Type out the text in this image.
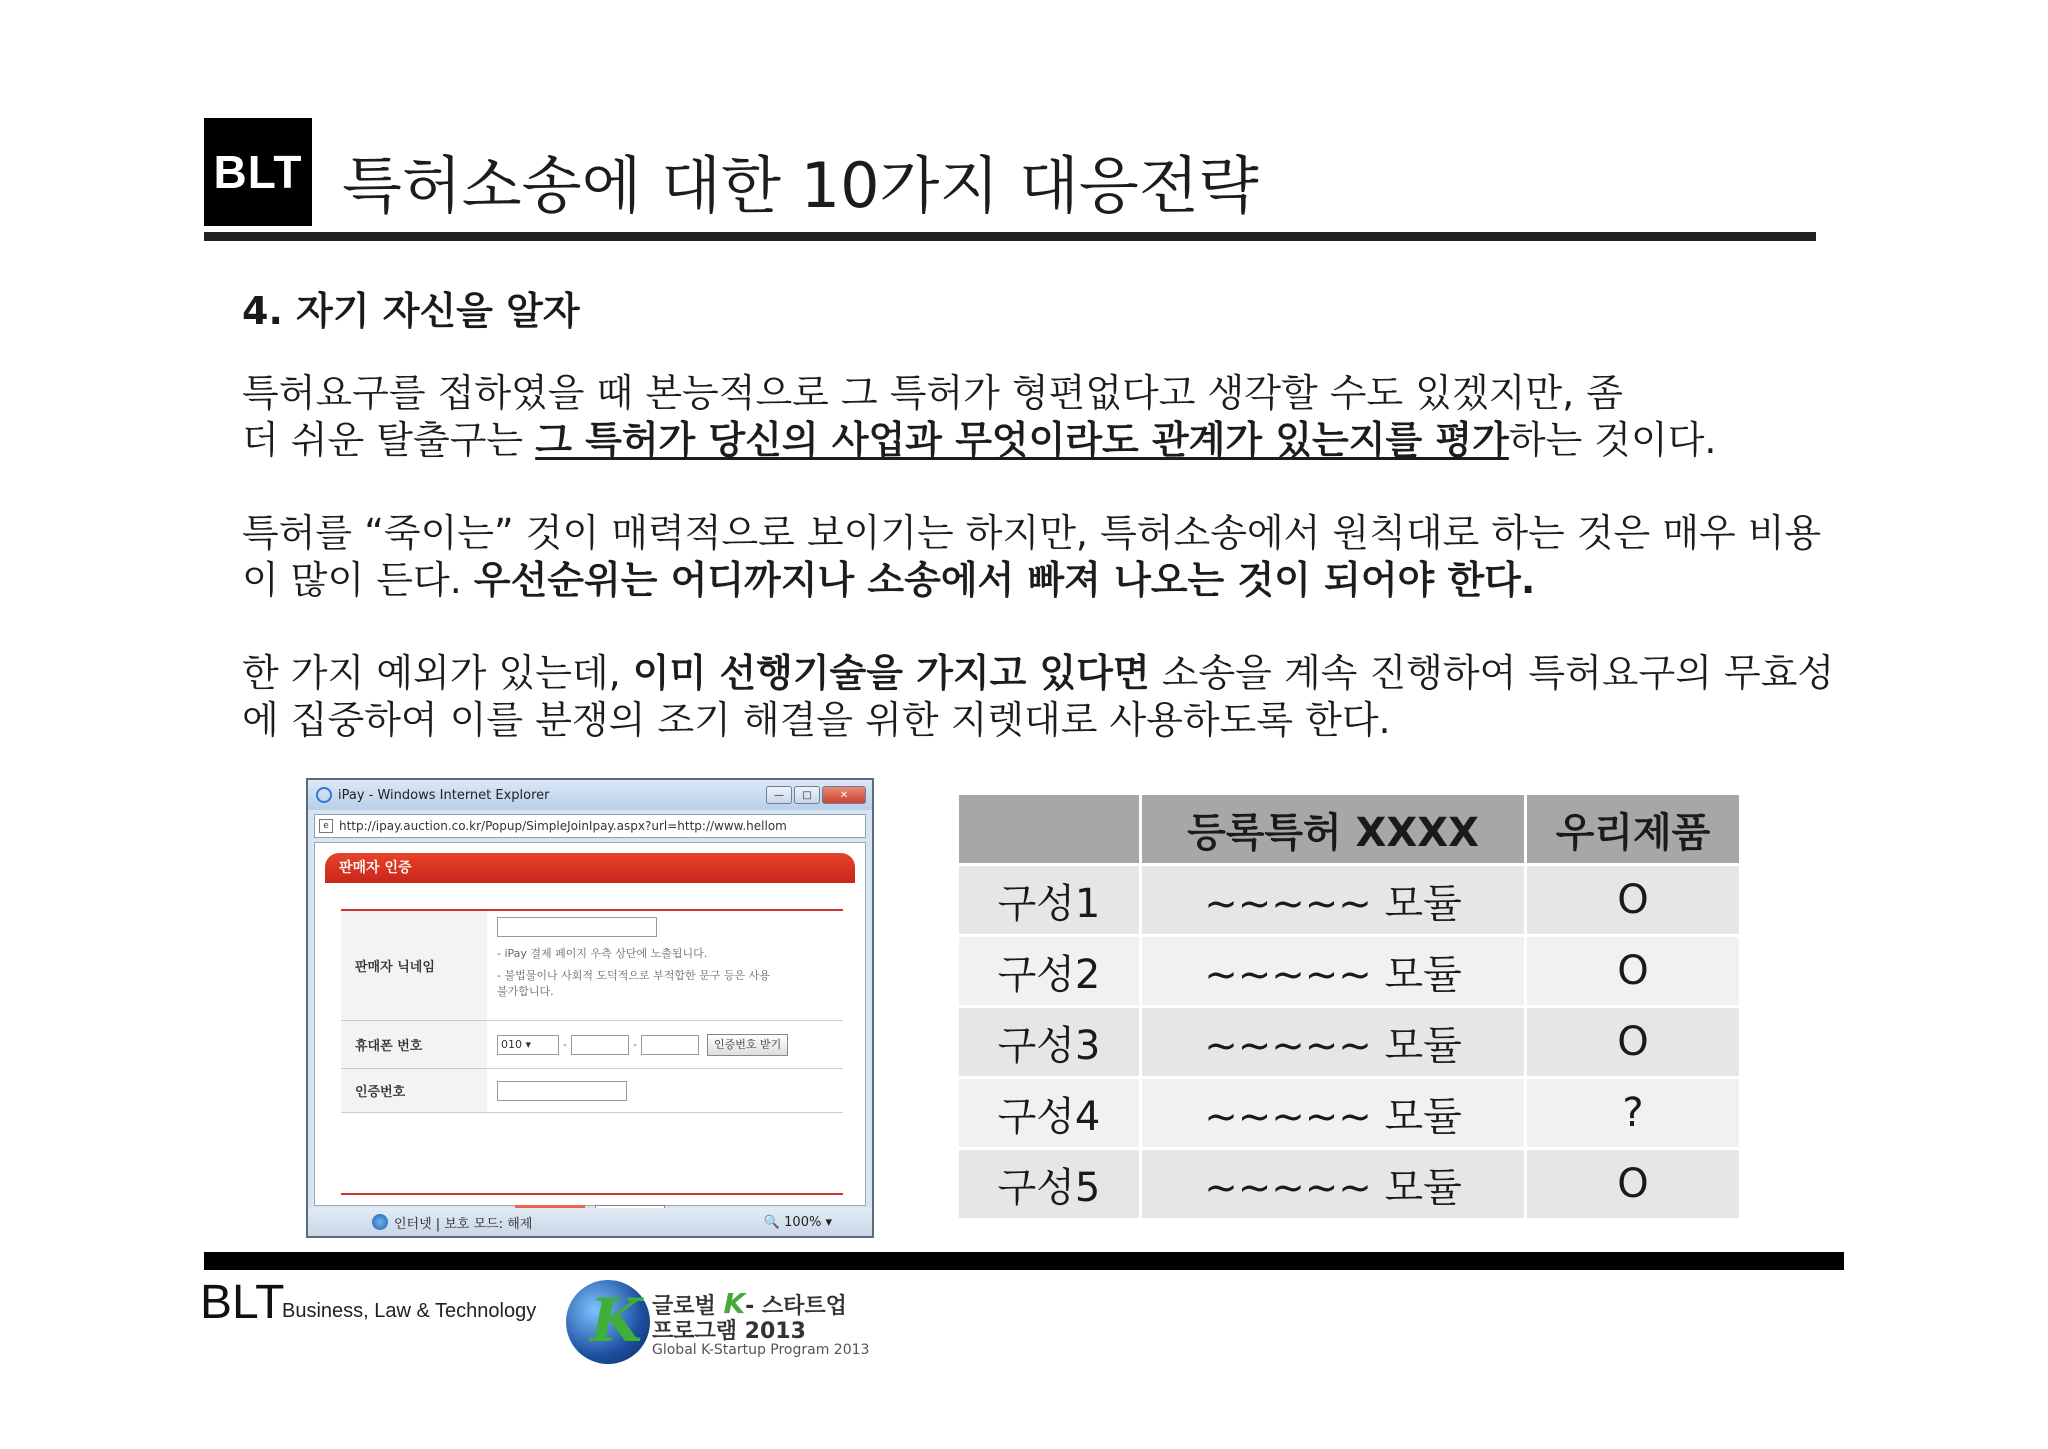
BLT 특허소송에 대한 10가지 대응전략
4. 자기 자신을 알자
특허요구를 접하였을 때 본능적으로 그 특허가 형편없다고 생각할 수도 있겠지만, 좀
더 쉬운 탈출구는 그 특허가 당신의 사업과 무엇이라도 관계가 있는지를 평가하는 것이다.
특허를 “죽이는” 것이 매력적으로 보이기는 하지만, 특허소송에서 원칙대로 하는 것은 매우 비용
이 많이 든다. 우선순위는 어디까지나 소송에서 빠져 나오는 것이 되어야 한다.
한 가지 예외가 있는데, 이미 선행기술을 가지고 있다면 소송을 계속 진행하여 특허요구의 무효성
에 집중하여 이를 분쟁의 조기 해결을 위한 지렛대로 사용하도록 한다.
iPay - Windows Internet Explorer	—	□	✕
e http://ipay.auction.co.kr/Popup/SimpleJoinIpay.aspx?url=http://www.hellom
판매자 인증
판매자 닉네임
- iPay 결제 페이지 우측 상단에 노출됩니다.
- 불법물이나 사회적 도덕적으로 부적합한 문구 등은 사용
불가합니다.
휴대폰 번호	010 ▾	-	-	인증번호 받기
인증번호
인터넷 | 보호 모드: 해제	🔍 100% ▾
	등록특허 XXXX	우리제품
구성1	~~~~~ 모듈	O
구성2	~~~~~ 모듈	O
구성3	~~~~~ 모듈	O
구성4	~~~~~ 모듈	?
구성5	~~~~~ 모듈	O
BLT
Business, Law & Technology K 글로벌 K- 스타트업
프로그램 2013
Global K-Startup Program 2013
